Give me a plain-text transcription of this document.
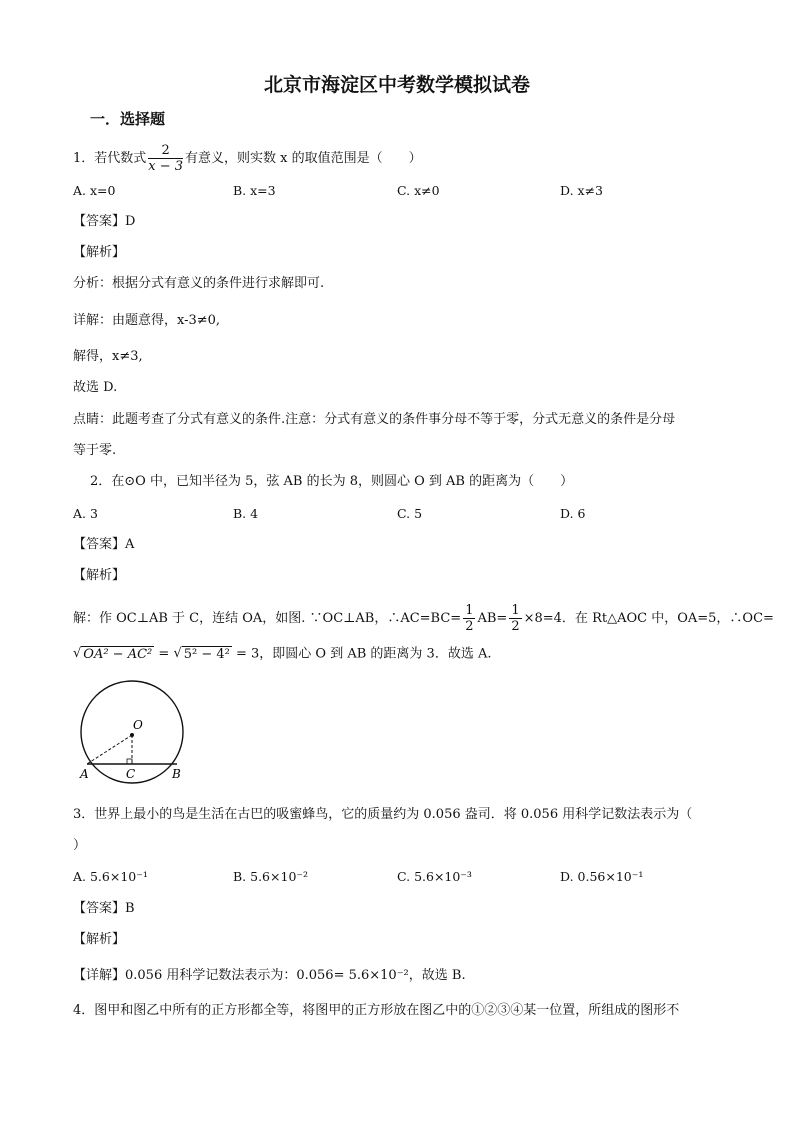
北京市海淀区中考数学模拟试卷
一．选择题
1．若代数式 $\frac{2}{x - 3}$ 有意义，则实数 x 的取值范围是（　　）
A. x=0	B. x=3	C. x≠0	D. x≠3
【答案】D
【解析】
分析：根据分式有意义的条件进行求解即可.
详解：由题意得，x-3≠0,
解得，x≠3,
故选 D.
点睛：此题考查了分式有意义的条件.注意：分式有意义的条件事分母不等于零，分式无意义的条件是分母
等于零.
2．在⊙O 中，已知半径为 5，弦 AB 的长为 8，则圆心 O 到 AB 的距离为（　　）
A. 3	B. 4	C. 5	D. 6
【答案】A
【解析】
解：作 OC⊥AB 于 C，连结 OA，如图. ∵OC⊥AB，∴AC=BC= $\frac{1}{2} AB= \frac{1}{2} \times 8=4$．在 Rt△AOC 中，OA=5，∴OC=
√ OA² − AC² = √ 5² − 4² = 3，即圆心 O 到 AB 的距离为 3．故选 A.
O
A	C	B
3．世界上最小的鸟是生活在古巴的吸蜜蜂鸟，它的质量约为 0.056 盎司．将 0.056 用科学记数法表示为（
）
A. 5.6×10⁻¹	B. 5.6×10⁻²	C. 5.6×10⁻³	D. 0.56×10⁻¹
【答案】B
【解析】
【详解】0.056 用科学记数法表示为：0.056= 5.6×10⁻²，故选 B.
4．图甲和图乙中所有的正方形都全等，将图甲的正方形放在图乙中的①②③④某一位置，所组成的图形不
